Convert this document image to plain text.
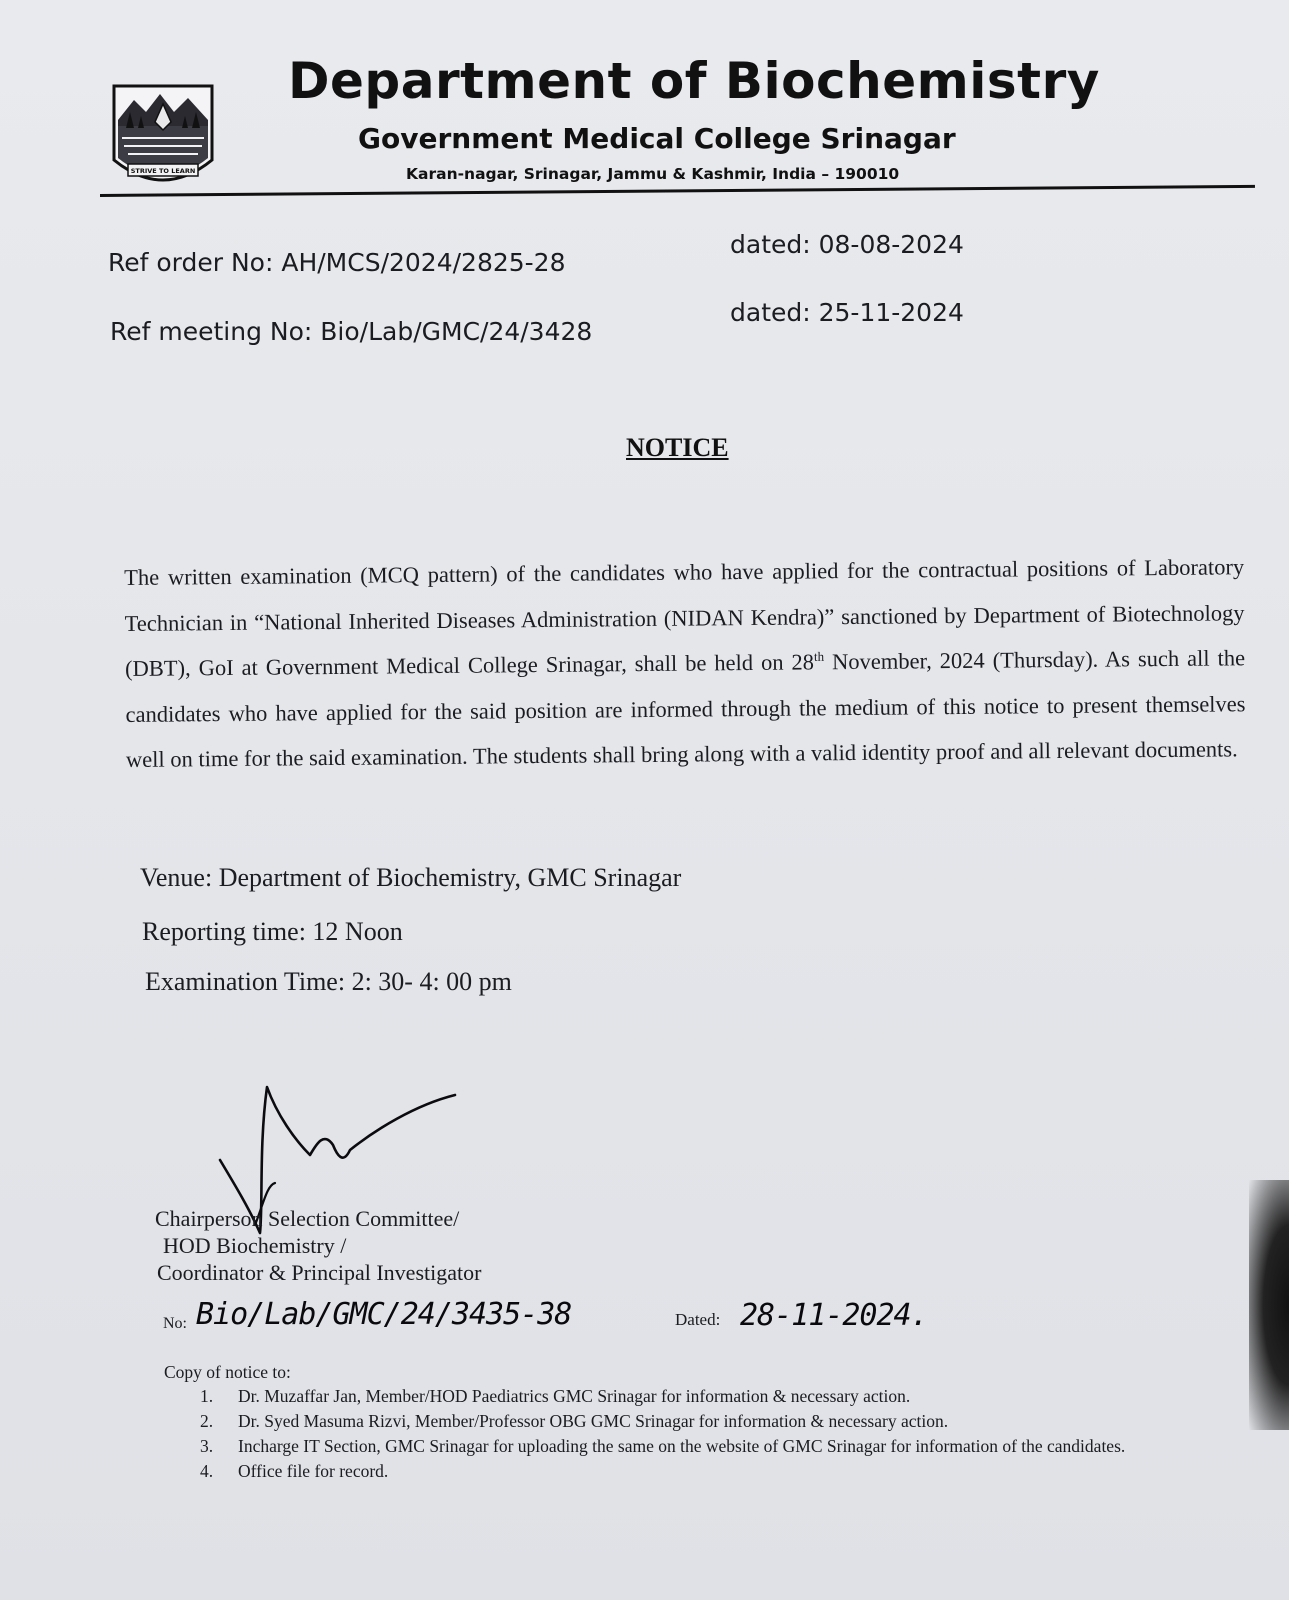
STRIVE TO LEARN
Department of Biochemistry
Government Medical College Srinagar
Karan-nagar, Srinagar, Jammu & Kashmir, India – 190010
Ref order No: AH/MCS/2024/2825-28
dated: 08-08-2024
Ref meeting No: Bio/Lab/GMC/24/3428
dated: 25-11-2024
NOTICE
The written examination (MCQ pattern) of the candidates who have applied for the contractual positions of Laboratory Technician in “National Inherited Diseases Administration (NIDAN Kendra)” sanctioned by Department of Biotechnology (DBT), GoI at Government Medical College Srinagar, shall be held on 28th November, 2024 (Thursday). As such all the candidates who have applied for the said position are informed through the medium of this notice to present themselves well on time for the said examination. The students shall bring along with a valid identity proof and all relevant documents.
Venue: Department of Biochemistry, GMC Srinagar
Reporting time: 12 Noon
Examination Time: 2: 30- 4: 00 pm
Chairperson Selection Committee/
HOD Biochemistry /
Coordinator & Principal Investigator
No: Bio/Lab/GMC/24/3435-38	Dated: 28-11-2024.
Copy of notice to:
1.	Dr. Muzaffar Jan, Member/HOD Paediatrics GMC Srinagar for information & necessary action.
2.	Dr. Syed Masuma Rizvi, Member/Professor OBG GMC Srinagar for information & necessary action.
3.	Incharge IT Section, GMC Srinagar for uploading the same on the website of GMC Srinagar for information of the candidates.
4.	Office file for record.
